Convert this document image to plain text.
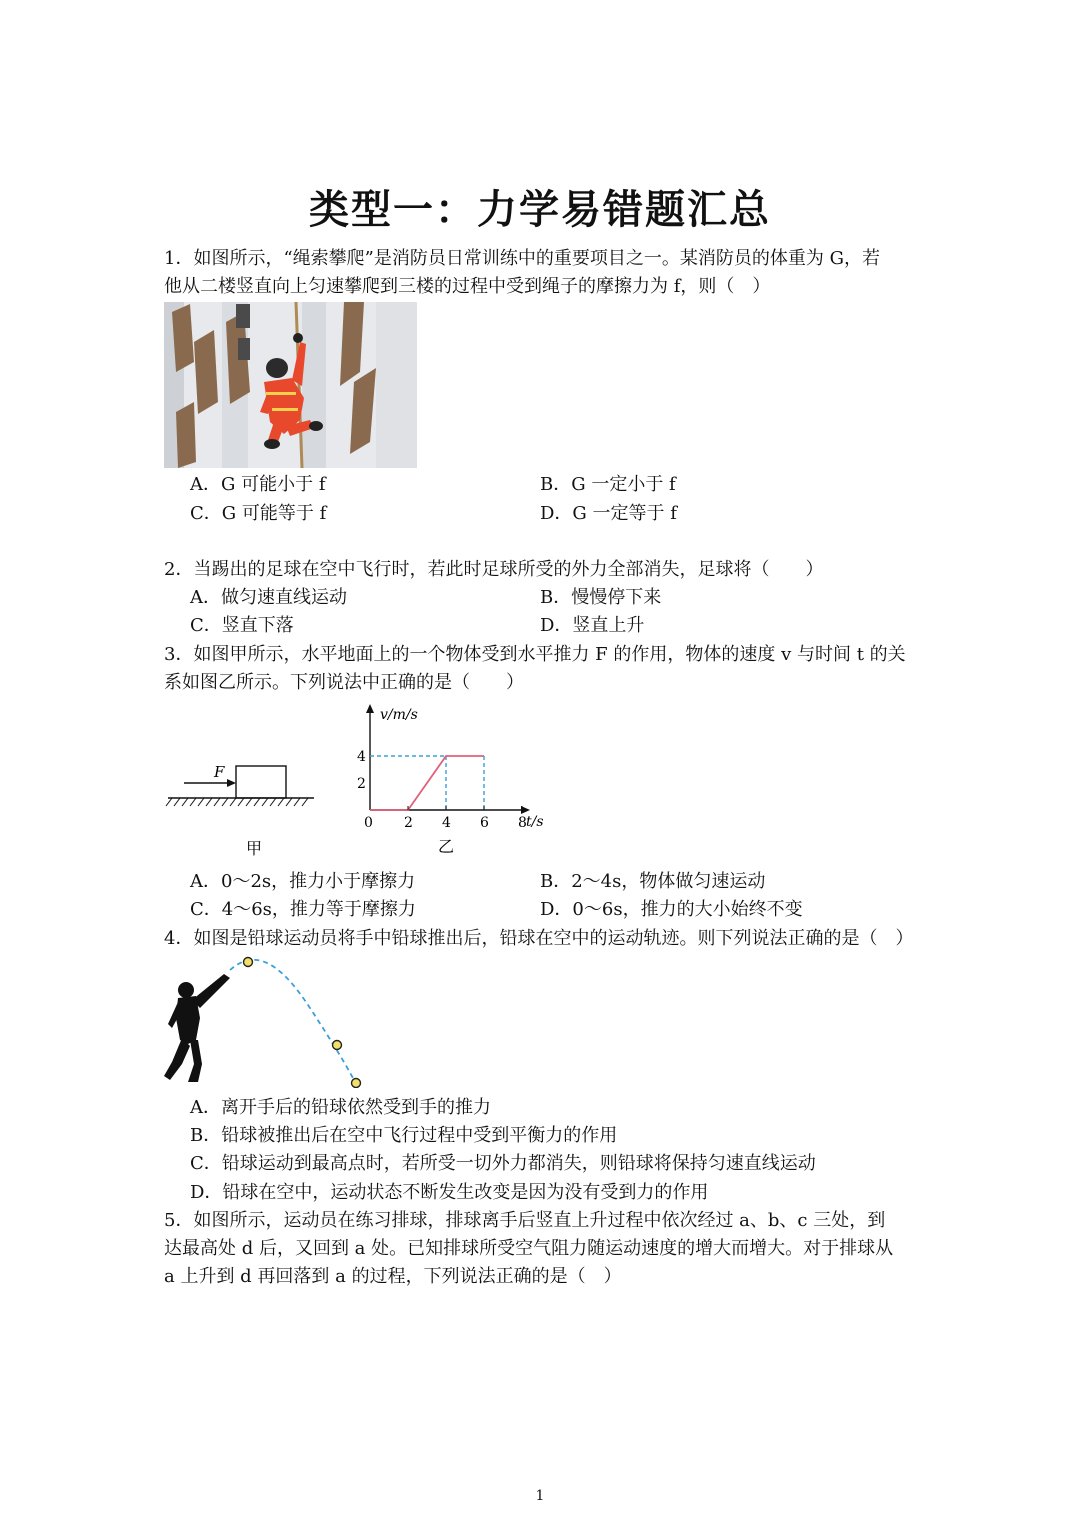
类型一：力学易错题汇总
1．如图所示，“绳索攀爬”是消防员日常训练中的重要项目之一。某消防员的体重为 G，若
他从二楼竖直向上匀速攀爬到三楼的过程中受到绳子的摩擦力为 f，则（　）
A．G 可能小于 f	B．G 一定小于 f
C．G 可能等于 f	D．G 一定等于 f
2．当踢出的足球在空中飞行时，若此时足球所受的外力全部消失，足球将（　　）
A．做匀速直线运动	B．慢慢停下来
C．竖直下落	D．竖直上升
3．如图甲所示，水平地面上的一个物体受到水平推力 F 的作用，物体的速度 v 与时间 t 的关
系如图乙所示。下列说法中正确的是（　　）
F
甲
0 2 4 6 8
4
2
v/m/s
t/s
乙
A．0～2s，推力小于摩擦力	B．2～4s，物体做匀速运动
C．4～6s，推力等于摩擦力	D．0～6s，推力的大小始终不变
4．如图是铅球运动员将手中铅球推出后，铅球在空中的运动轨迹。则下列说法正确的是（　）
A．离开手后的铅球依然受到手的推力
B．铅球被推出后在空中飞行过程中受到平衡力的作用
C．铅球运动到最高点时，若所受一切外力都消失，则铅球将保持匀速直线运动
D．铅球在空中，运动状态不断发生改变是因为没有受到力的作用
5．如图所示，运动员在练习排球，排球离手后竖直上升过程中依次经过 a、b、c 三处，到
达最高处 d 后，又回到 a 处。已知排球所受空气阻力随运动速度的增大而增大。对于排球从
a 上升到 d 再回落到 a 的过程，下列说法正确的是（　）
1
